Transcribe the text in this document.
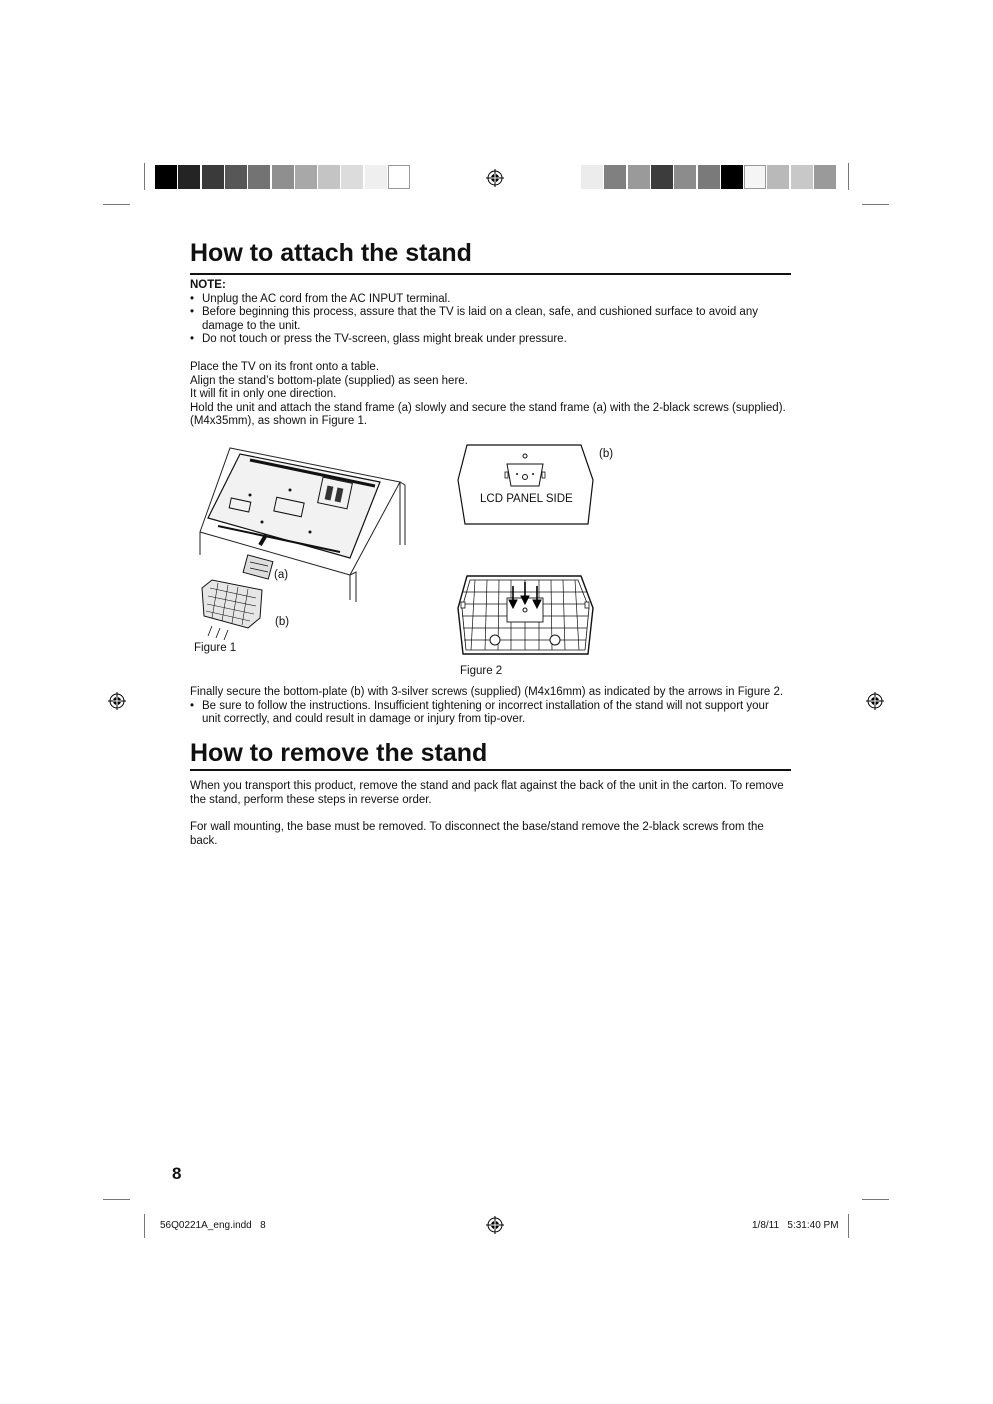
How to attach the stand
NOTE:
• Unplug the AC cord from the AC INPUT terminal.
• Before beginning this process, assure that the TV is laid on a clean, safe, and cushioned surface to avoid any damage to the unit.
• Do not touch or press the TV-screen, glass might break under pressure.
Place the TV on its front onto a table.
Align the stand’s bottom-plate (supplied) as seen here.
It will fit in only one direction.
Hold the unit and attach the stand frame (a) slowly and secure the stand frame (a) with the 2-black screws (supplied). (M4x35mm), as shown in Figure 1.
(a)
(b)
Figure 1
LCD PANEL SIDE
(b)
Figure 2
Finally secure the bottom-plate (b) with 3-silver screws (supplied) (M4x16mm) as indicated by the arrows in Figure 2.
• Be sure to follow the instructions. Insufficient tightening or incorrect installation of the stand will not support your unit correctly, and could result in damage or injury from tip-over.
How to remove the stand
When you transport this product, remove the stand and pack flat against the back of the unit in the carton. To remove the stand, perform these steps in reverse order.
For wall mounting, the base must be removed. To disconnect the base/stand remove the 2-black screws from the back.
8
56Q0221A_eng.indd   8	1/8/11   5:31:40 PM
